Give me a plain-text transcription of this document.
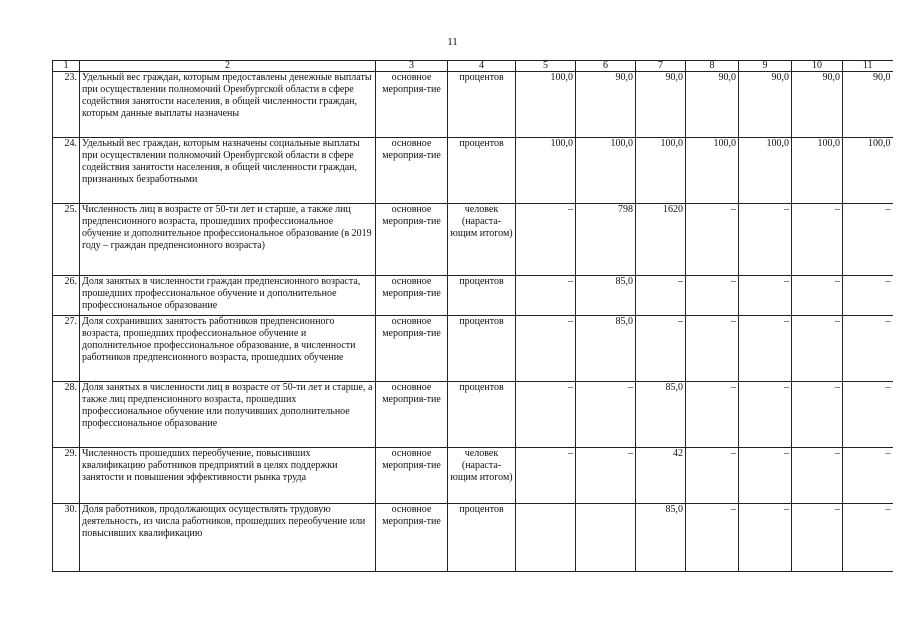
11
1	2	3	4	5	6	7	8	9	10	11
23.	Удельный вес граждан, которым предоставлены денежные выплаты при осуществлении полномочий Оренбургской области в сфере содействия занятости населения, в общей численности граждан, которым данные выплаты назначены	основное мероприя-тие	процентов	100,0	90,0	90,0	90,0	90,0	90,0	90,0
24.	Удельный вес граждан, которым назначены социальные выплаты при осуществлении полномочий Оренбургской области в сфере содействия занятости населения, в общей численности граждан, признанных безработными	основное мероприя-тие	процентов	100,0	100,0	100,0	100,0	100,0	100,0	100,0
25.	Численность лиц в возрасте от 50-ти лет и старше, а также лиц предпенсионного возраста, прошедших профессиональное обучение и дополнительное профессиональное образование (в 2019 году – граждан предпенсионного возраста)	основное мероприя-тие	человек (нараста-ющим итогом)	–	798	1620	–	–	–	–
26.	Доля занятых в численности граждан предпенсионного возраста, прошедших профессиональное обучение и дополнительное профессиональное образование	основное мероприя-тие	процентов	–	85,0	–	–	–	–	–
27.	Доля сохранивших занятость работников предпенсионного возраста, прошедших профессиональное обучение и дополнительное профессиональное образование, в численности работников предпенсионного возраста, прошедших обучение	основное мероприя-тие	процентов	–	85,0	–	–	–	–	–
28.	Доля занятых в численности лиц в возрасте от 50-ти лет и старше, а также лиц предпенсионного возраста, прошедших профессиональное обучение или получивших дополнительное профессиональное образование	основное мероприя-тие	процентов	–	–	85,0	–	–	–	–
29.	Численность прошедших переобучение, повысивших квалификацию работников предприятий в целях поддержки занятости и повышения эффективности рынка труда	основное мероприя-тие	человек (нараста-ющим итогом)	–	–	42	–	–	–	–
30.	Доля работников, продолжающих осуществлять трудовую деятельность, из числа работников, прошедших переобучение или повысивших квалификацию	основное мероприя-тие	процентов			85,0	–	–	–	–
